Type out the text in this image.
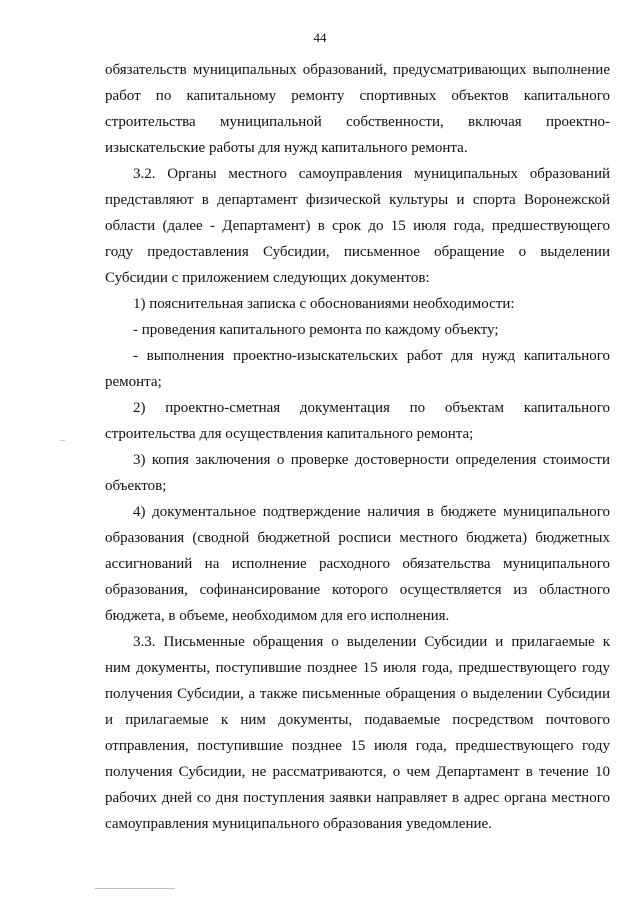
44
обязательств муниципальных образований, предусматривающих выполнение
работ по капитальному ремонту спортивных объектов капитального
строительства муниципальной собственности, включая проектно-
изыскательские работы для нужд капитального ремонта.
3.2. Органы местного самоуправления муниципальных образований
представляют в департамент физической культуры и спорта Воронежской
области (далее - Департамент) в срок до 15 июля года, предшествующего
году предоставления Субсидии, письменное обращение о выделении
Субсидии с приложением следующих документов:
1) пояснительная записка с обоснованиями необходимости:
- проведения капитального ремонта по каждому объекту;
- выполнения проектно-изыскательских работ для нужд капитального
ремонта;
2) проектно-сметная документация по объектам капитального
строительства для осуществления капитального ремонта;
3) копия заключения о проверке достоверности определения стоимости
объектов;
4) документальное подтверждение наличия в бюджете муниципального
образования (сводной бюджетной росписи местного бюджета) бюджетных
ассигнований на исполнение расходного обязательства муниципального
образования, софинансирование которого осуществляется из областного
бюджета, в объеме, необходимом для его исполнения.
3.3. Письменные обращения о выделении Субсидии и прилагаемые к
ним документы, поступившие позднее 15 июля года, предшествующего году
получения Субсидии, а также письменные обращения о выделении Субсидии
и прилагаемые к ним документы, подаваемые посредством почтового
отправления, поступившие позднее 15 июля года, предшествующего году
получения Субсидии, не рассматриваются, о чем Департамент в течение 10
рабочих дней со дня поступления заявки направляет в адрес органа местного
самоуправления муниципального образования уведомление.
